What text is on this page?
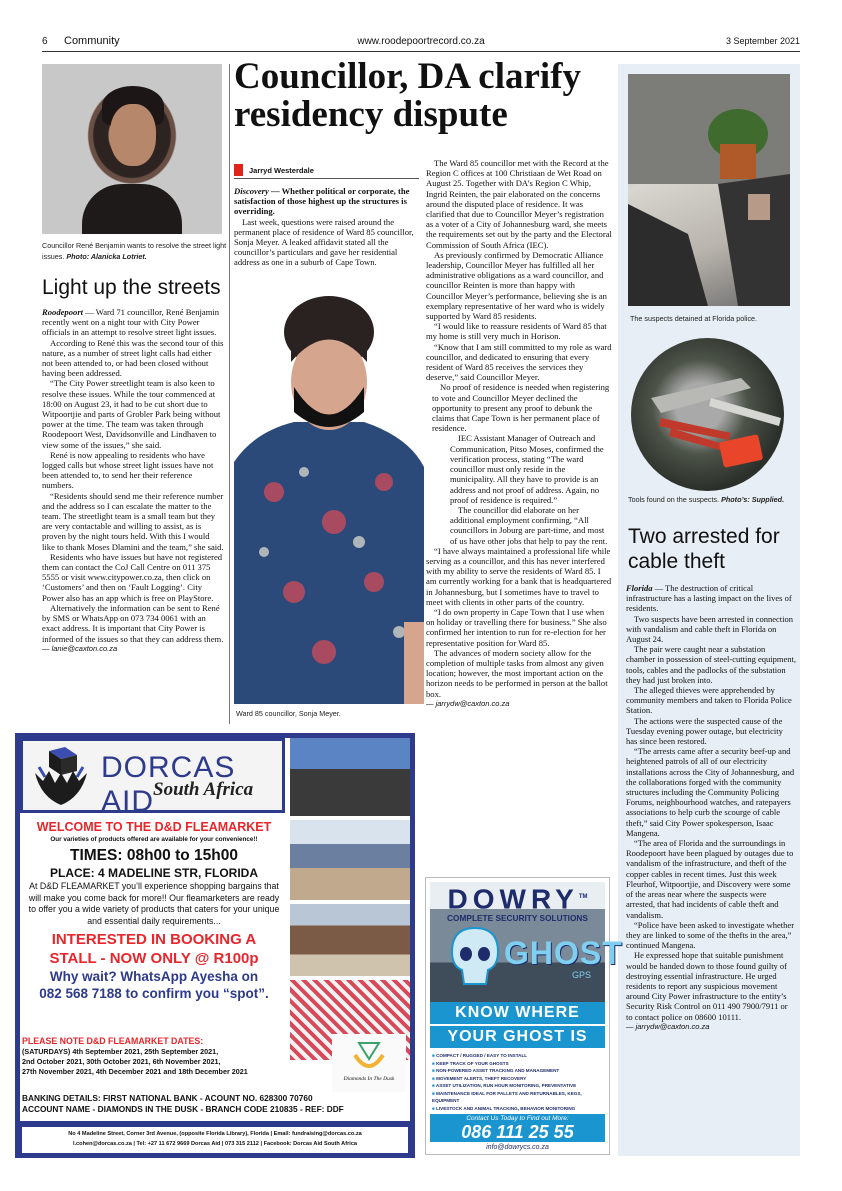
6 Community	www.roodepoortrecord.co.za	3 September 2021
Councillor René Benjamin wants to resolve the street light issues. Photo: Alanicka Lotriet.
Light up the streets

Roodepoort — Ward 71 councillor, René Benjamin recently went on a night tour with City Power officials in an attempt to resolve street light issues.

According to René this was the second tour of this nature, as a number of street light calls had either not been attended to, or had been closed without having been addressed.

“The City Power streetlight team is also keen to resolve these issues. While the tour commenced at 18:00 on August 23, it had to be cut short due to Witpoortjie and parts of Grobler Park being without power at the time. The team was taken through Roodepoort West, Davidsonville and Lindhaven to view some of the issues,” she said.

René is now appealing to residents who have logged calls but whose street light issues have not been attended to, to send her their reference numbers.

“Residents should send me their reference number and the address so I can escalate the matter to the team. The streetlight team is a small team but they are very contactable and willing to assist, as is proven by the night tours held. With this I would like to thank Moses Dlamini and the team,” she said.

Residents who have issues but have not registered them can contact the CoJ Call Centre on 011 375 5555 or visit www.citypower.co.za, then click on ‘Customers’ and then on ‘Fault Logging’. City Power also has an app which is free on PlayStore.

Alternatively the information can be sent to René by SMS or WhatsApp on 073 734 0061 with an exact address. It is important that City Power is informed of the issues so that they can address them.

— lanie@caxton.co.za

Councillor, DA clarify residency dispute
Jarryd Westerdale

Discovery — Whether political or corporate, the satisfaction of those highest up the structures is overriding.

Last week, questions were raised around the permanent place of residence of Ward 85 councillor, Sonja Meyer. A leaked affidavit stated all the councillor’s particulars and gave her residential address as one in a suburb of Cape Town.

Ward 85 councillor, Sonja Meyer.

The Ward 85 councillor met with the Record at the Region C offices at 100 Christiaan de Wet Road on August 25. Together with DA’s Region C Whip, Ingrid Reinten, the pair elaborated on the concerns around the disputed place of residence. It was clarified that due to Councillor Meyer’s registration as a voter of a City of Johannesburg ward, she meets the requirements set out by the party and the Electoral Commission of South Africa (IEC).

As previously confirmed by Democratic Alliance leadership, Councillor Meyer has fulfilled all her administrative obligations as a ward councillor, and councillor Reinten is more than happy with Councillor Meyer’s performance, believing she is an exemplary representative of her ward who is widely supported by Ward 85 residents.

“I would like to reassure residents of Ward 85 that my home is still very much in Horison.

“Know that I am still committed to my role as ward councillor, and dedicated to ensuring that every resident of Ward 85 receives the services they deserve,” said Councillor Meyer.

No proof of residence is needed when registering to vote and Councillor Meyer declined the opportunity to present any proof to debunk the claims that Cape Town is her permanent place of residence.

IEC Assistant Manager of Outreach and Communication, Pitso Moses, confirmed the verification process, stating “The ward councillor must only reside in the municipality. All they have to provide is an address and not proof of address. Again, no proof of residence is required.”

The councillor did elaborate on her additional employment confirming, “All councillors in Joburg are part-time, and most of us have other jobs that help to pay the rent.

“I have always maintained a professional life while serving as a councillor, and this has never interfered with my ability to serve the residents of Ward 85. I am currently working for a bank that is headquartered in Johannesburg, but I sometimes have to travel to meet with clients in other parts of the country.

“I do own property in Cape Town that I use when on holiday or travelling there for business.” She also confirmed her intention to run for re-election for her representative position for Ward 85.

The advances of modern society allow for the completion of multiple tasks from almost any given location; however, the most important action on the horizon needs to be performed in person at the ballot box.

— jarrydw@caxton.co.za

The suspects detained at Florida police.
Tools found on the suspects. Photo’s: Supplied.
Two arrested for cable theft

Florida — The destruction of critical infrastructure has a lasting impact on the lives of residents.

Two suspects have been arrested in connection with vandalism and cable theft in Florida on August 24.

The pair were caught near a substation chamber in possession of steel-cutting equipment, tools, cables and the padlocks of the substation they had just broken into.

The alleged thieves were apprehended by community members and taken to Florida Police Station.

The actions were the suspected cause of the Tuesday evening power outage, but electricity has since been restored.

“The arrests came after a security beef-up and heightened patrols of all of our electricity installations across the City of Johannesburg, and the collaborations forged with the community structures including the Community Policing Forums, neighbourhood watches, and ratepayers associations to help curb the scourge of cable theft,” said City Power spokesperson, Isaac Mangena.

“The area of Florida and the surroundings in Roodepoort have been plagued by outages due to vandalism of the infrastructure, and theft of the copper cables in recent times. Just this week Fleurhof, Witpoortjie, and Discovery were some of the areas near where the suspects were arrested, that had incidents of cable theft and vandalism.

“Police have been asked to investigate whether they are linked to some of the thefts in the area,” continued Mangena.

He expressed hope that suitable punishment would be handed down to those found guilty of destroying essential infrastructure. He urged residents to report any suspicious movement around City Power infrastructure to the entity’s Security Risk Control on 011 490 7900/7911 or to contact police on 08600 10111.

— jarrydw@caxton.co.za

DORCAS AID
South Africa
WELCOME TO THE D&D FLEAMARKET
Our varieties of products offered are available for your convenience!!
TIMES: 08h00 to 15h00
PLACE: 4 MADELINE STR, FLORIDA
At D&D FLEAMARKET you’ll experience shopping bargains that will make you come back for more!! Our fleamarketers are ready to offer you a wide variety of products that caters for your unique and essential daily requirements...
INTERESTED IN BOOKING A
STALL - NOW ONLY @ R100p
Why wait? WhatsApp Ayesha on
082 568 7188 to confirm you “spot”.
PLEASE NOTE D&D FLEAMARKET DATES:
(SATURDAYS) 4th September 2021, 25th September 2021,
2nd October 2021, 30th October 2021, 6th November 2021,
27th November 2021, 4th December 2021 and 18th December 2021
Diamonds In The Dusk
BANKING DETAILS: FIRST NATIONAL BANK - ACOUNT NO. 628300 70760
ACCOUNT NAME - DIAMONDS IN THE DUSK - BRANCH CODE 210835 - REF: DDF
No 4 Madeline Street, Corner 3rd Avenue, (opposite Florida Library), Florida | Email: fundraising@dorcas.co.za
l.cohen@dorcas.co.za | Tel: +27 11 672 9669 Dorcas Aid | 073 315 2112 | Facebook: Dorcas Aid South Africa
DOWRY™
COMPLETE SECURITY SOLUTIONS
GHOST
GPS
KNOW WHERE
YOUR GHOST IS
■ COMPACT / RUGGED / EASY TO INSTALL
■ KEEP TRACK OF YOUR GHOSTS
■ NON-POWERED ASSET TRACKING AND MANAGEMENT
■ MOVEMENT ALERTS, THEFT RECOVERY
■ ASSET UTILIZATION, RUN HOUR MONITORING, PREVENTATIVE
■ MAINTENANCE IDEAL FOR PALLETS AND RETURNABLES, KEGS, EQUIPMENT
■ LIVESTOCK AND ANIMAL TRACKING, BEHAVIOR MONITORING
Contact Us Today to Find out More:
086 111 25 55
info@dowrycs.co.za
